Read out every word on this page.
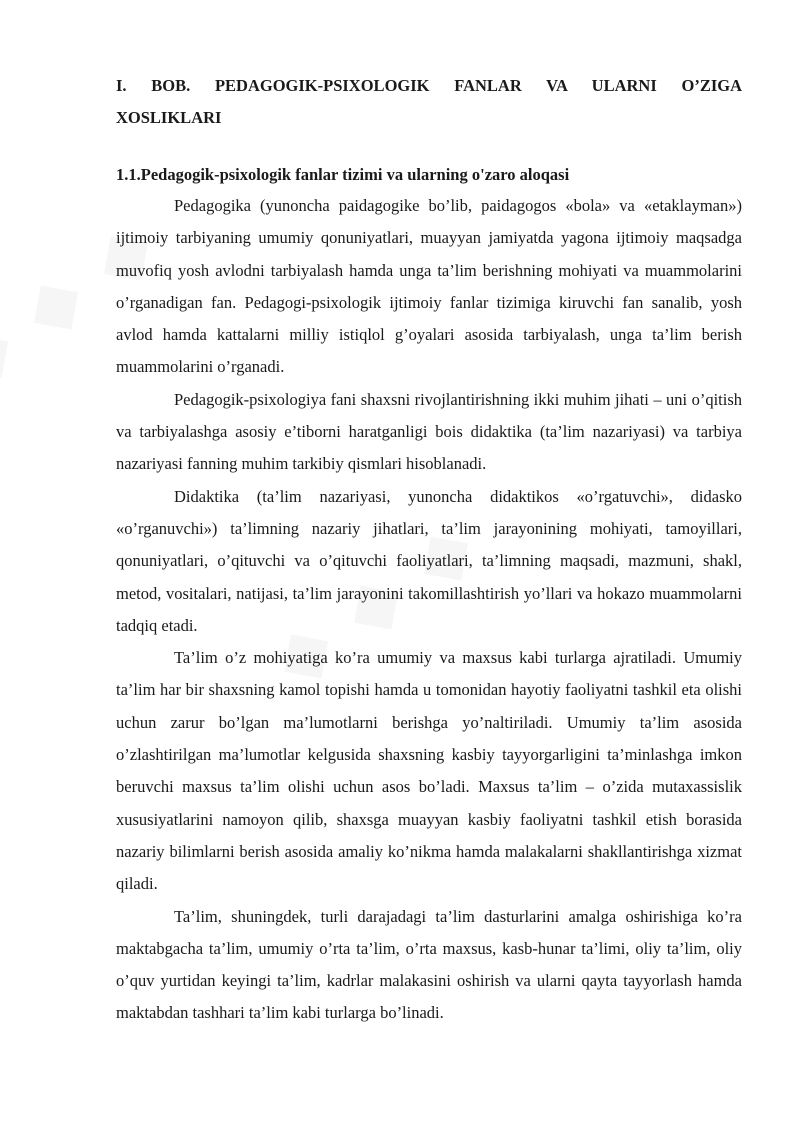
I. BOB. PEDAGOGIK-PSIXOLOGIK FANLAR VA ULARNI O’ZIGA XOSLIKLARI
1.1.Pedagogik-psixologik fanlar tizimi va ularning o'zaro aloqasi

Pedagogika (yunoncha paidagogike bo’lib, paidagogos «bola» va «etaklayman») ijtimoiy tarbiyaning umumiy qonuniyatlari, muayyan jamiyatda yagona ijtimoiy maqsadga muvofiq yosh avlodni tarbiyalash hamda unga ta’lim berishning mohiyati va muammolarini o’rganadigan fan. Pedagogi-psixologik ijtimoiy fanlar tizimiga kiruvchi fan sanalib, yosh avlod hamda kattalarni milliy istiqlol g’oyalari asosida tarbiyalash, unga ta’lim berish muammolarini o’rganadi.

Pedagogik-psixologiya fani shaxsni rivojlantirishning ikki muhim jihati – uni o’qitish va tarbiyalashga asosiy e’tiborni haratganligi bois didaktika (ta’lim nazariyasi) va tarbiya nazariyasi fanning muhim tarkibiy qismlari hisoblanadi.

Didaktika (ta’lim nazariyasi, yunoncha didaktikos «o’rgatuvchi», didasko «o’rganuvchi») ta’limning nazariy jihatlari, ta’lim jarayonining mohiyati, tamoyillari, qonuniyatlari, o’qituvchi va o’qituvchi faoliyatlari, ta’limning maqsadi, mazmuni, shakl, metod, vositalari, natijasi, ta’lim jarayonini takomillashtirish yo’llari va hokazo muammolarni tadqiq etadi.

Ta’lim o’z mohiyatiga ko’ra umumiy va maxsus kabi turlarga ajratiladi. Umumiy ta’lim har bir shaxsning kamol topishi hamda u tomonidan hayotiy faoliyatni tashkil eta olishi uchun zarur bo’lgan ma’lumotlarni berishga yo’naltiriladi. Umumiy ta’lim asosida o’zlashtirilgan ma’lumotlar kelgusida shaxsning kasbiy tayyorgarligini ta’minlashga imkon beruvchi maxsus ta’lim olishi uchun asos bo’ladi. Maxsus ta’lim – o’zida mutaxassislik xususiyatlarini namoyon qilib, shaxsga muayyan kasbiy faoliyatni tashkil etish borasida nazariy bilimlarni berish asosida amaliy ko’nikma hamda malakalarni shakllantirishga xizmat qiladi.

Ta’lim, shuningdek, turli darajadagi ta’lim dasturlarini amalga oshirishiga ko’ra maktabgacha ta’lim, umumiy o’rta ta’lim, o’rta maxsus, kasb-hunar ta’limi, oliy ta’lim, oliy o’quv yurtidan keyingi ta’lim, kadrlar malakasini oshirish va ularni qayta tayyorlash hamda maktabdan tashhari ta’lim kabi turlarga bo’linadi.
